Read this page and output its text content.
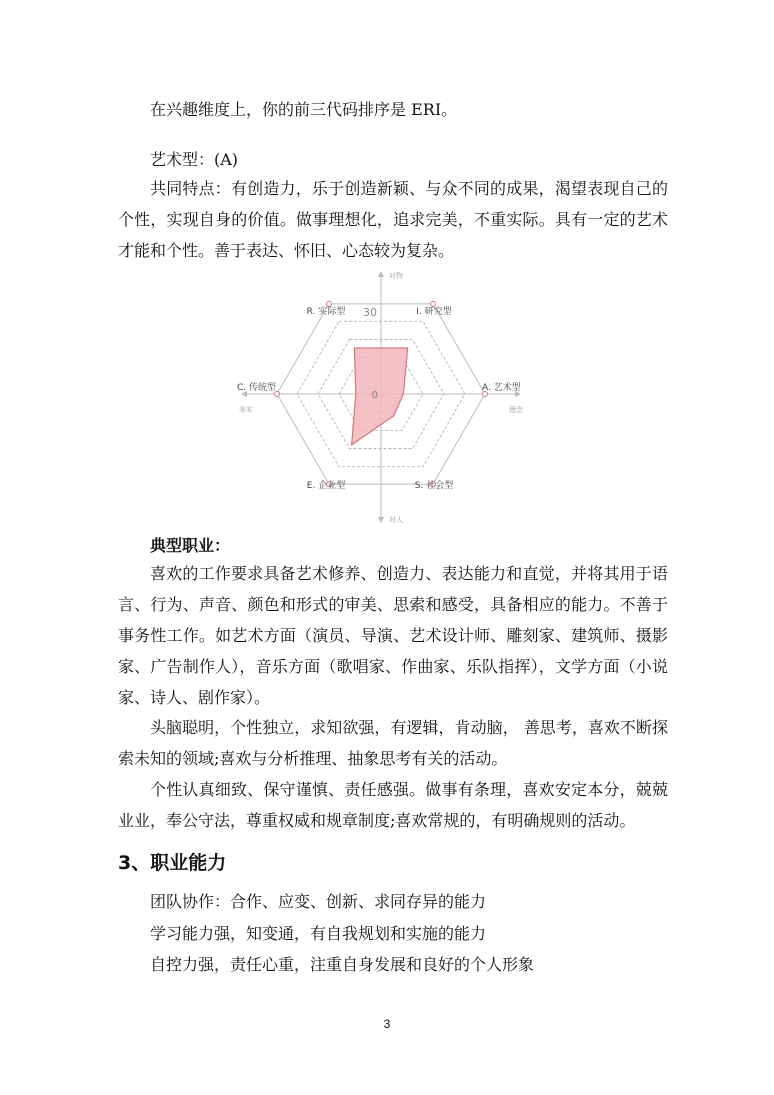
在兴趣维度上，你的前三代码排序是 ERI。

艺术型：(A)

共同特点：有创造力，乐于创造新颖、与众不同的成果，渴望表现自己的个性，实现自身的价值。做事理想化，追求完美，不重实际。具有一定的艺术才能和个性。善于表达、怀旧、心态较为复杂。

R. 实际型	I. 研究型
A. 艺术型
S. 社会型
E. 企业型
C. 传统型
对物
对人
务实	理念
30
0

典型职业：

喜欢的工作要求具备艺术修养、创造力、表达能力和直觉，并将其用于语言、行为、声音、颜色和形式的审美、思索和感受，具备相应的能力。不善于事务性工作。如艺术方面（演员、导演、艺术设计师、雕刻家、建筑师、摄影家、广告制作人），音乐方面（歌唱家、作曲家、乐队指挥），文学方面（小说家、诗人、剧作家）。

头脑聪明，个性独立，求知欲强，有逻辑，肯动脑， 善思考，喜欢不断探索未知的领域;喜欢与分析推理、抽象思考有关的活动。

个性认真细致、保守谨慎、责任感强。做事有条理，喜欢安定本分，兢兢业业，奉公守法，尊重权威和规章制度;喜欢常规的，有明确规则的活动。

3、职业能力

团队协作：合作、应变、创新、求同存异的能力

学习能力强，知变通，有自我规划和实施的能力

自控力强，责任心重，注重自身发展和良好的个人形象

3
